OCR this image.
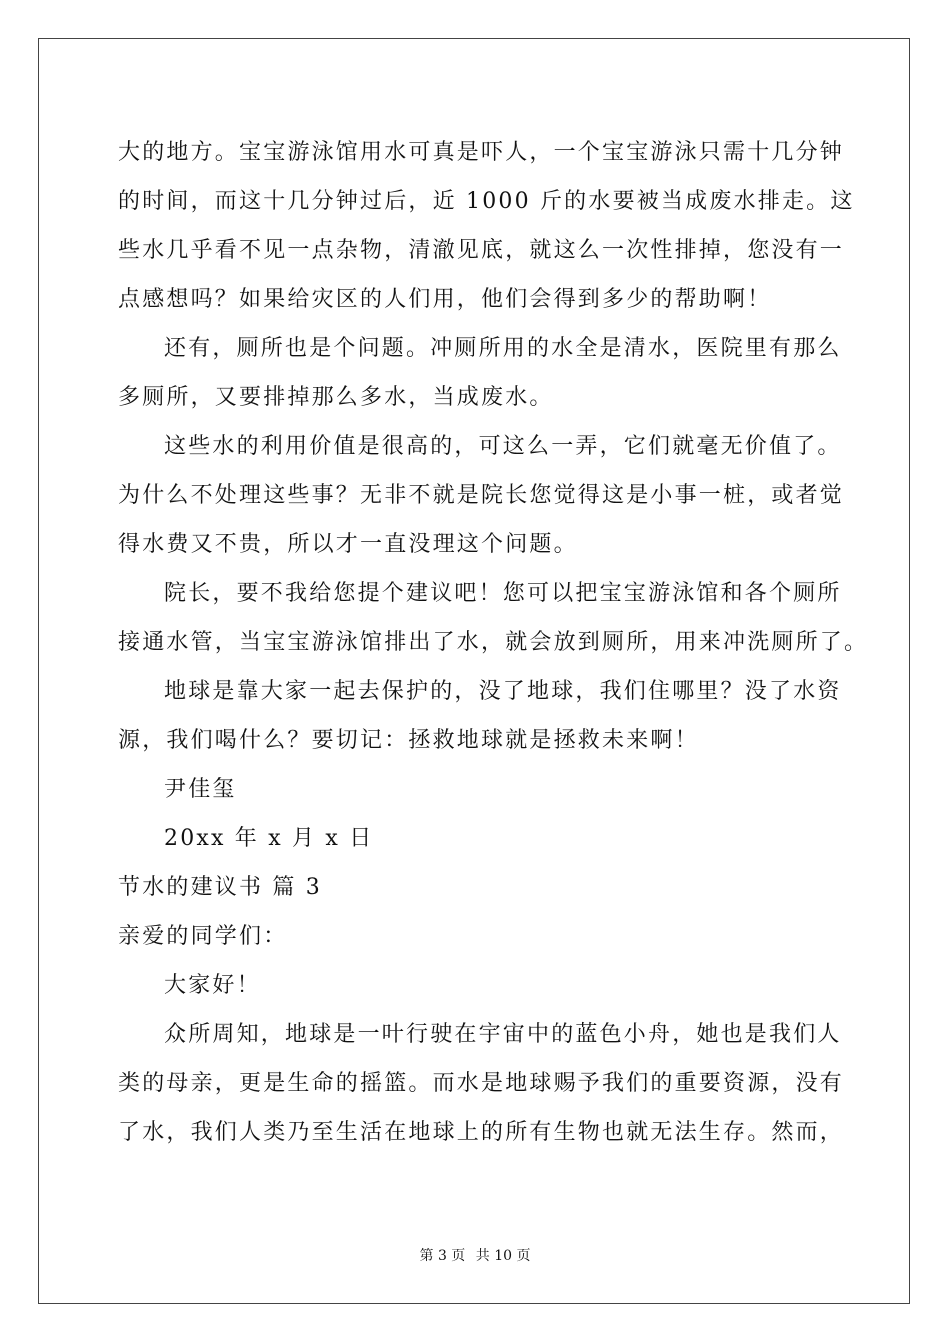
大的地方。宝宝游泳馆用水可真是吓人，一个宝宝游泳只需十几分钟
的时间，而这十几分钟过后，近 1000 斤的水要被当成废水排走。这
些水几乎看不见一点杂物，清澈见底，就这么一次性排掉，您没有一
点感想吗？如果给灾区的人们用，他们会得到多少的帮助啊！
还有，厕所也是个问题。冲厕所用的水全是清水，医院里有那么
多厕所，又要排掉那么多水，当成废水。
这些水的利用价值是很高的，可这么一弄，它们就毫无价值了。
为什么不处理这些事？无非不就是院长您觉得这是小事一桩，或者觉
得水费又不贵，所以才一直没理这个问题。
院长，要不我给您提个建议吧！您可以把宝宝游泳馆和各个厕所
接通水管，当宝宝游泳馆排出了水，就会放到厕所，用来冲洗厕所了。
地球是靠大家一起去保护的，没了地球，我们住哪里？没了水资
源，我们喝什么？要切记：拯救地球就是拯救未来啊！
尹佳玺
20xx 年 x 月 x 日
节水的建议书 篇 3
亲爱的同学们：
大家好！
众所周知，地球是一叶行驶在宇宙中的蓝色小舟，她也是我们人
类的母亲，更是生命的摇篮。而水是地球赐予我们的重要资源，没有
了水，我们人类乃至生活在地球上的所有生物也就无法生存。然而，
第 3 页 共 10 页
